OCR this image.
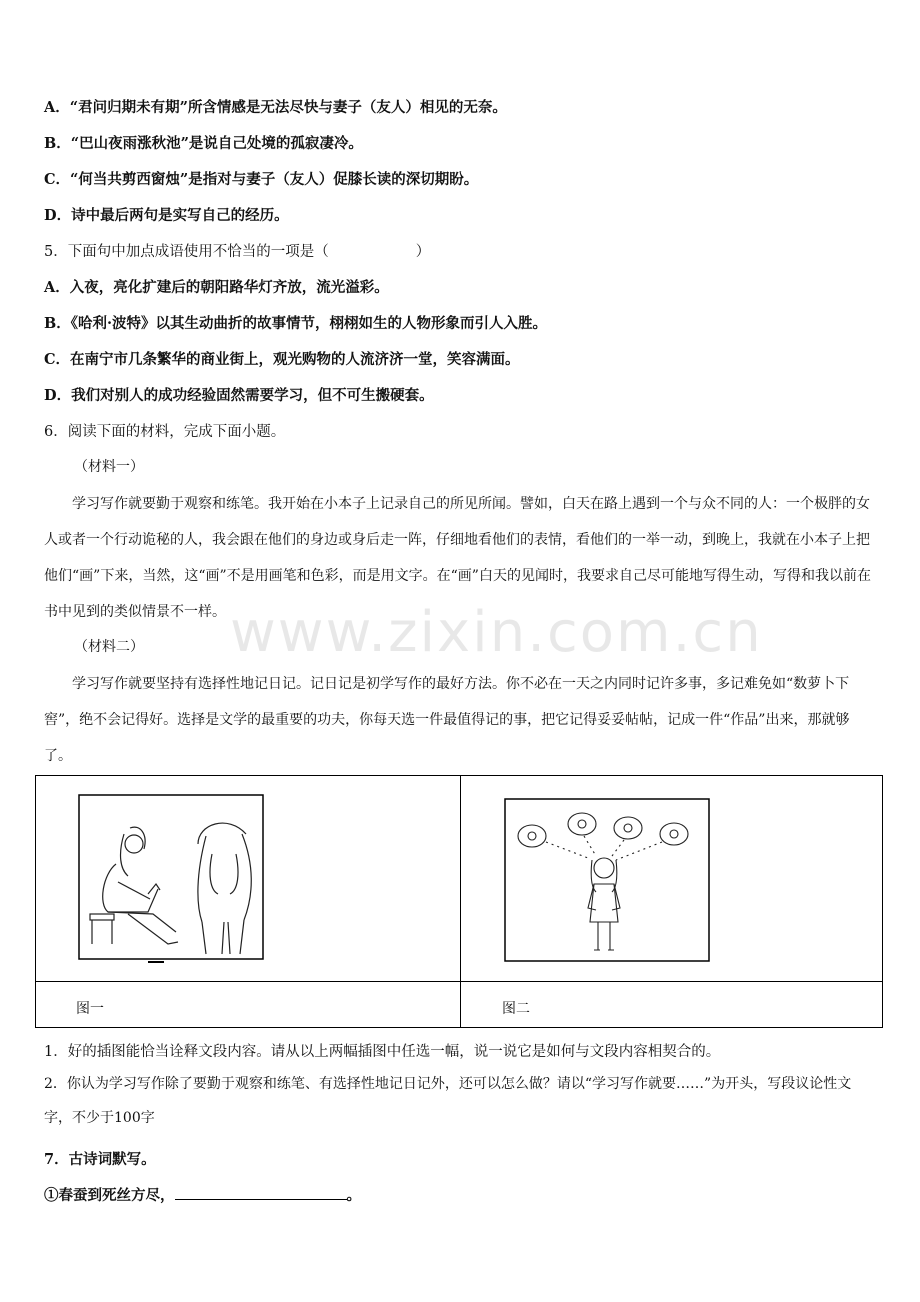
A．“君问归期未有期”所含情感是无法尽快与妻子（友人）相见的无奈。
B．“巴山夜雨涨秋池”是说自己处境的孤寂凄冷。
C．“何当共剪西窗烛”是指对与妻子（友人）促膝长读的深切期盼。
D．诗中最后两句是实写自己的经历。
5．下面句中加点成语使用不恰当的一项是（　　　　　　）
A．入夜，亮化扩建后的朝阳路华灯齐放，流光溢彩。
B．《哈利·波特》以其生动曲折的故事情节，栩栩如生的人物形象而引人入胜。
C．在南宁市几条繁华的商业街上，观光购物的人流济济一堂，笑容满面。
D．我们对别人的成功经验固然需要学习，但不可生搬硬套。
6．阅读下面的材料，完成下面小题。
（材料一）
学习写作就要勤于观察和练笔。我开始在小本子上记录自己的所见所闻。譬如，白天在路上遇到一个与众不同的人：一个极胖的女人或者一个行动诡秘的人，我会跟在他们的身边或身后走一阵，仔细地看他们的表情，看他们的一举一动，到晚上，我就在小本子上把他们“画”下来，当然，这“画”不是用画笔和色彩，而是用文字。在“画”白天的见闻时，我要求自己尽可能地写得生动，写得和我以前在书中见到的类似情景不一样。
（材料二）
学习写作就要坚持有选择性地记日记。记日记是初学写作的最好方法。你不必在一天之内同时记许多事，多记难免如“数萝卜下窖”，绝不会记得好。选择是文学的最重要的功夫，你每天选一件最值得记的事，把它记得妥妥帖帖，记成一件“作品”出来，那就够了。
www.zixin.com.cn
图一	图二
1．好的插图能恰当诠释文段内容。请从以上两幅插图中任选一幅，说一说它是如何与文段内容相契合的。
2．你认为学习写作除了要勤于观察和练笔、有选择性地记日记外，还可以怎么做？请以“学习写作就要……”为开头，写段议论性文字，不少于100字
7．古诗词默写。
①春蚕到死丝方尽，	。
